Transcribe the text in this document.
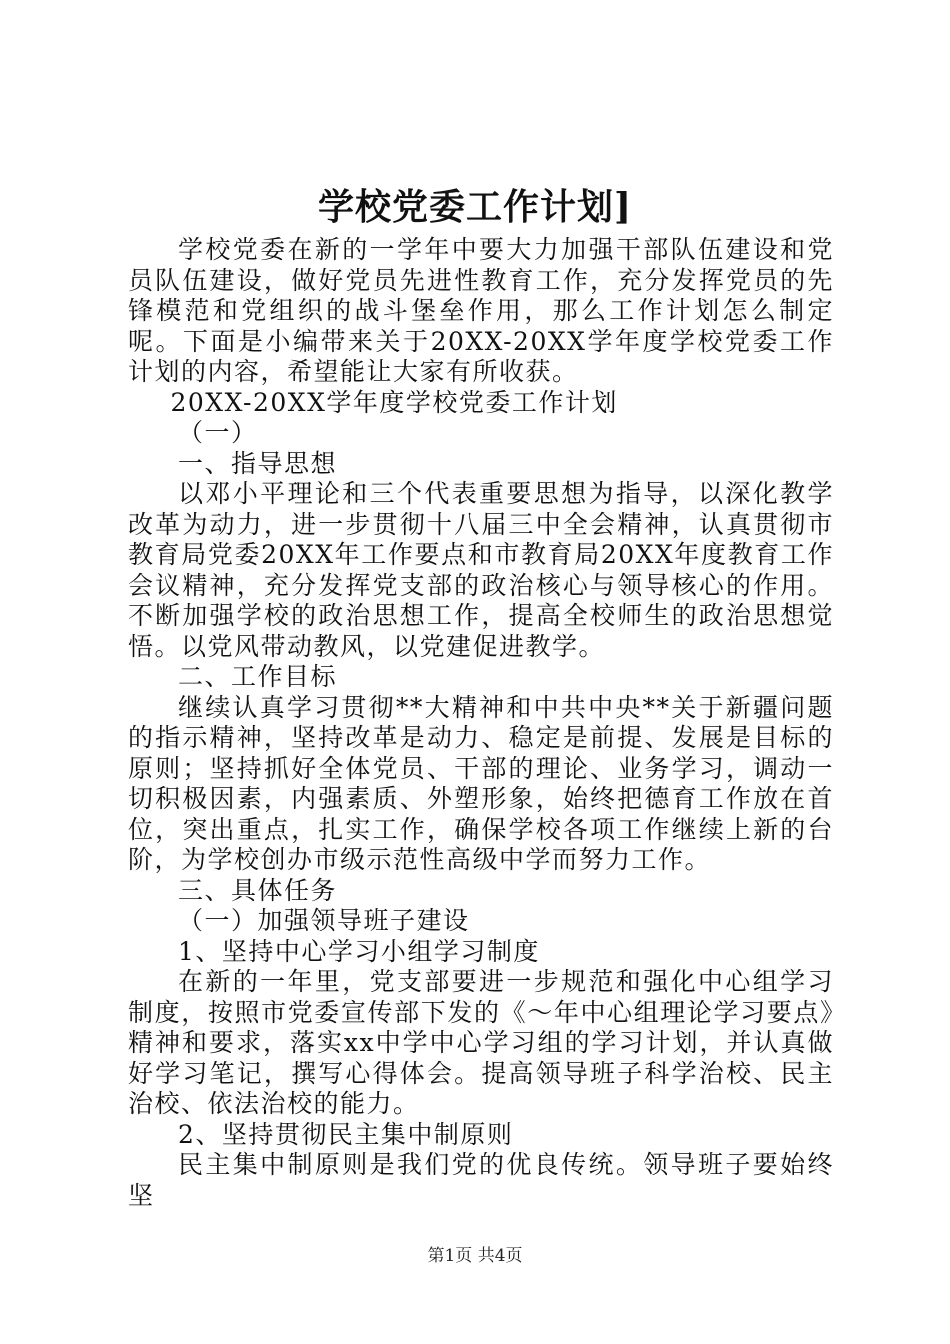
学校党委工作计划]

学校党委在新的一学年中要大力加强干部队伍建设和党员队伍建设，做好党员先进性教育工作，充分发挥党员的先锋模范和党组织的战斗堡垒作用，那么工作计划怎么制定呢。下面是小编带来关于20XX-20XX学年度学校党委工作计划的内容，希望能让大家有所收获。

20XX-20XX学年度学校党委工作计划

（一）

一、指导思想

以邓小平理论和三个代表重要思想为指导，以深化教学改革为动力，进一步贯彻十八届三中全会精神，认真贯彻市教育局党委20XX年工作要点和市教育局20XX年度教育工作会议精神，充分发挥党支部的政治核心与领导核心的作用。不断加强学校的政治思想工作，提高全校师生的政治思想觉悟。以党风带动教风，以党建促进教学。

二、工作目标

继续认真学习贯彻**大精神和中共中央**关于新疆问题的指示精神，坚持改革是动力、稳定是前提、发展是目标的原则；坚持抓好全体党员、干部的理论、业务学习，调动一切积极因素，内强素质、外塑形象，始终把德育工作放在首位，突出重点，扎实工作，确保学校各项工作继续上新的台阶，为学校创办市级示范性高级中学而努力工作。

三、具体任务

（一）加强领导班子建设

1、坚持中心学习小组学习制度

在新的一年里，党支部要进一步规范和强化中心组学习制度，按照市党委宣传部下发的《～年中心组理论学习要点》精神和要求，落实xx中学中心学习组的学习计划，并认真做好学习笔记，撰写心得体会。提高领导班子科学治校、民主治校、依法治校的能力。

2、坚持贯彻民主集中制原则

民主集中制原则是我们党的优良传统。领导班子要始终坚

第1页 共4页
